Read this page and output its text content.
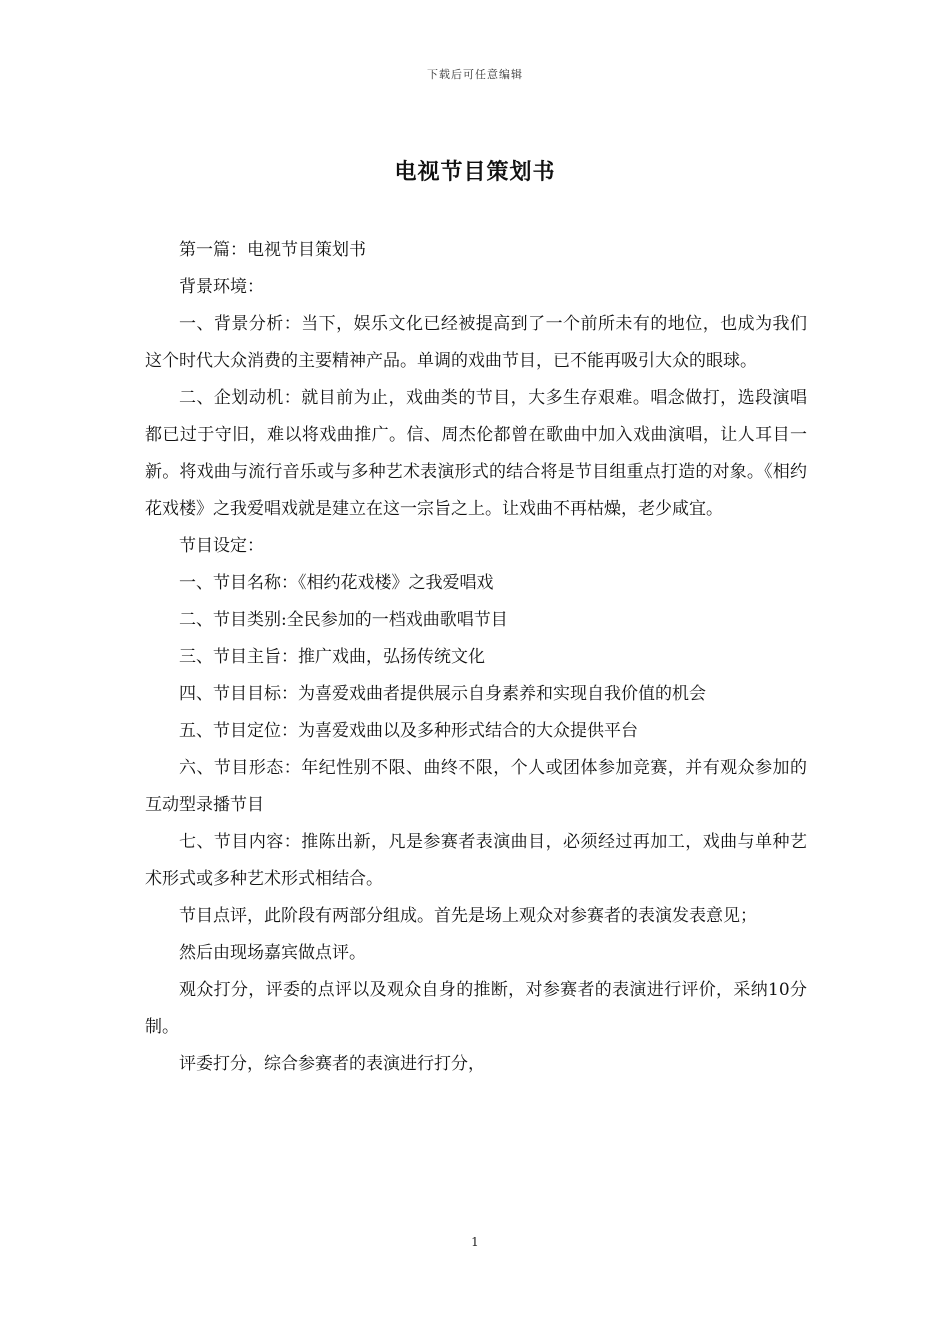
下载后可任意编辑
电视节目策划书

第一篇：电视节目策划书

背景环境：

一、背景分析：当下，娱乐文化已经被提高到了一个前所未有的地位，也成为我们这个时代大众消费的主要精神产品。单调的戏曲节目，已不能再吸引大众的眼球。

二、企划动机：就目前为止，戏曲类的节目，大多生存艰难。唱念做打，选段演唱都已过于守旧，难以将戏曲推广。信、周杰伦都曾在歌曲中加入戏曲演唱，让人耳目一新。将戏曲与流行音乐或与多种艺术表演形式的结合将是节目组重点打造的对象。《相约花戏楼》之我爱唱戏就是建立在这一宗旨之上。让戏曲不再枯燥，老少咸宜。

节目设定：

一、节目名称：《相约花戏楼》之我爱唱戏

二、节目类别:全民参加的一档戏曲歌唱节目

三、节目主旨：推广戏曲，弘扬传统文化

四、节目目标：为喜爱戏曲者提供展示自身素养和实现自我价值的机会

五、节目定位：为喜爱戏曲以及多种形式结合的大众提供平台

六、节目形态：年纪性别不限、曲终不限，个人或团体参加竞赛，并有观众参加的互动型录播节目

七、节目内容：推陈出新，凡是参赛者表演曲目，必须经过再加工，戏曲与单种艺术形式或多种艺术形式相结合。

节目点评，此阶段有两部分组成。首先是场上观众对参赛者的表演发表意见；

然后由现场嘉宾做点评。

观众打分，评委的点评以及观众自身的推断，对参赛者的表演进行评价，采纳10分制。

评委打分，综合参赛者的表演进行打分，

1
